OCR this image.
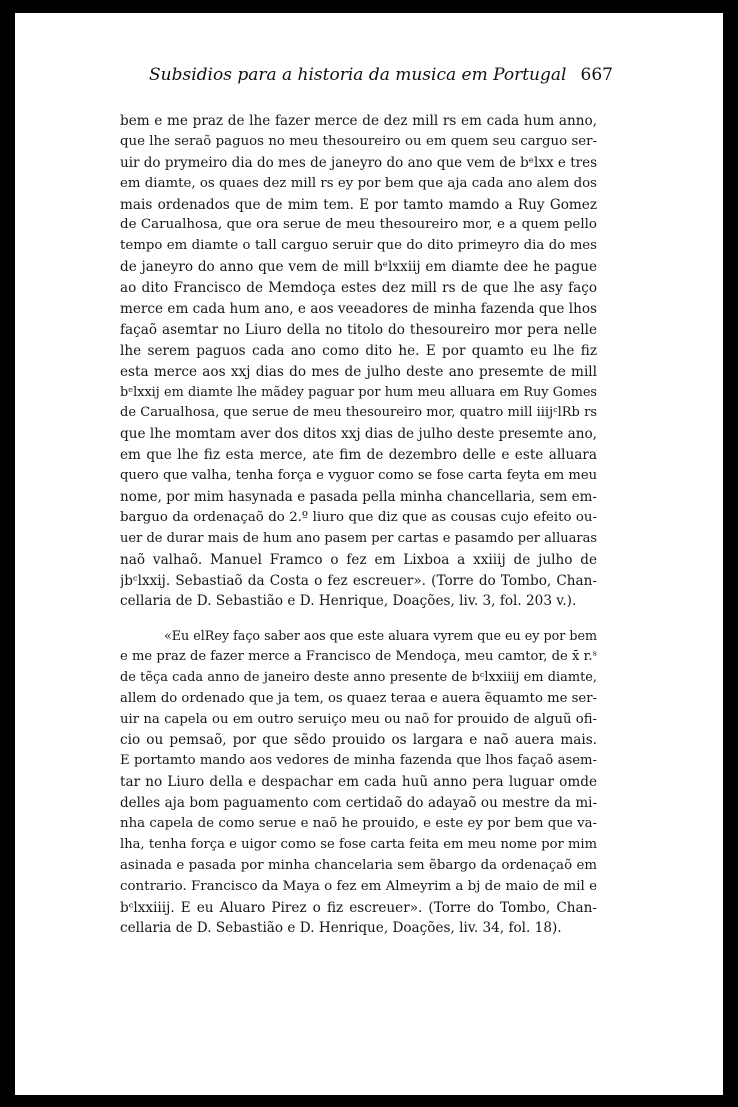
Subsidios para a historia da musica em Portugal 667
bem e me praz de lhe fazer merce de dez mill rs em cada hum anno,
que lhe seraõ paguos no meu thesoureiro ou em quem seu carguo ser-
uir do prymeiro dia do mes de janeyro do ano que vem de bᵉlxx e tres
em diamte, os quaes dez mill rs ey por bem que aja cada ano alem dos
mais ordenados que de mim tem. E por tamto mamdo a Ruy Gomez
de Carualhosa, que ora serue de meu thesoureiro mor, e a quem pello
tempo em diamte o tall carguo seruir que do dito primeyro dia do mes
de janeyro do anno que vem de mill bᵉlxxiij em diamte dee he pague
ao dito Francisco de Memdoça estes dez mill rs de que lhe asy faço
merce em cada hum ano, e aos veeadores de minha fazenda que lhos
façaõ asemtar no Liuro della no titolo do thesoureiro mor pera nelle
lhe serem paguos cada ano como dito he. E por quamto eu lhe fiz
esta merce aos xxj dias do mes de julho deste ano presemte de mill
bᵉlxxij em diamte lhe mãdey paguar por hum meu alluara em Ruy Gomes
de Carualhosa, que serue de meu thesoureiro mor, quatro mill iiijᶜlRb rs
que lhe momtam aver dos ditos xxj dias de julho deste presemte ano,
em que lhe fiz esta merce, ate fim de dezembro delle e este alluara
quero que valha, tenha força e vyguor como se fose carta feyta em meu
nome, por mim hasynada e pasada pella minha chancellaria, sem em-
barguo da ordenaçaõ do 2.º liuro que diz que as cousas cujo efeito ou-
uer de durar mais de hum ano pasem per cartas e pasamdo per alluaras
naõ valhaõ. Manuel Framco o fez em Lixboa a xxiiij de julho de
jbᶜlxxij. Sebastiaõ da Costa o fez escreuer». (Torre do Tombo, Chan-
cellaria de D. Sebastião e D. Henrique, Doações, liv. 3, fol. 203 v.).
«Eu elRey faço saber aos que este aluara vyrem que eu ey por bem
e me praz de fazer merce a Francisco de Mendoça, meu camtor, de x̄ r.ˢ
de tẽça cada anno de janeiro deste anno presente de bᶜlxxiiij em diamte,
allem do ordenado que ja tem, os quaez teraa e auera ẽquamto me ser-
uir na capela ou em outro seruiço meu ou naõ for prouido de alguũ ofi-
cio ou pemsaõ, por que sẽdo prouido os largara e naõ auera mais.
E portamto mando aos vedores de minha fazenda que lhos façaõ asem-
tar no Liuro della e despachar em cada huũ anno pera luguar omde
delles aja bom paguamento com certidaõ do adayaõ ou mestre da mi-
nha capela de como serue e naõ he prouido, e este ey por bem que va-
lha, tenha força e uigor como se fose carta feita em meu nome por mim
asinada e pasada por minha chancelaria sem ẽbargo da ordenaçaõ em
contrario. Francisco da Maya o fez em Almeyrim a bj de maio de mil e
bᶜlxxiiij. E eu Aluaro Pirez o fiz escreuer». (Torre do Tombo, Chan-
cellaria de D. Sebastião e D. Henrique, Doações, liv. 34, fol. 18).
